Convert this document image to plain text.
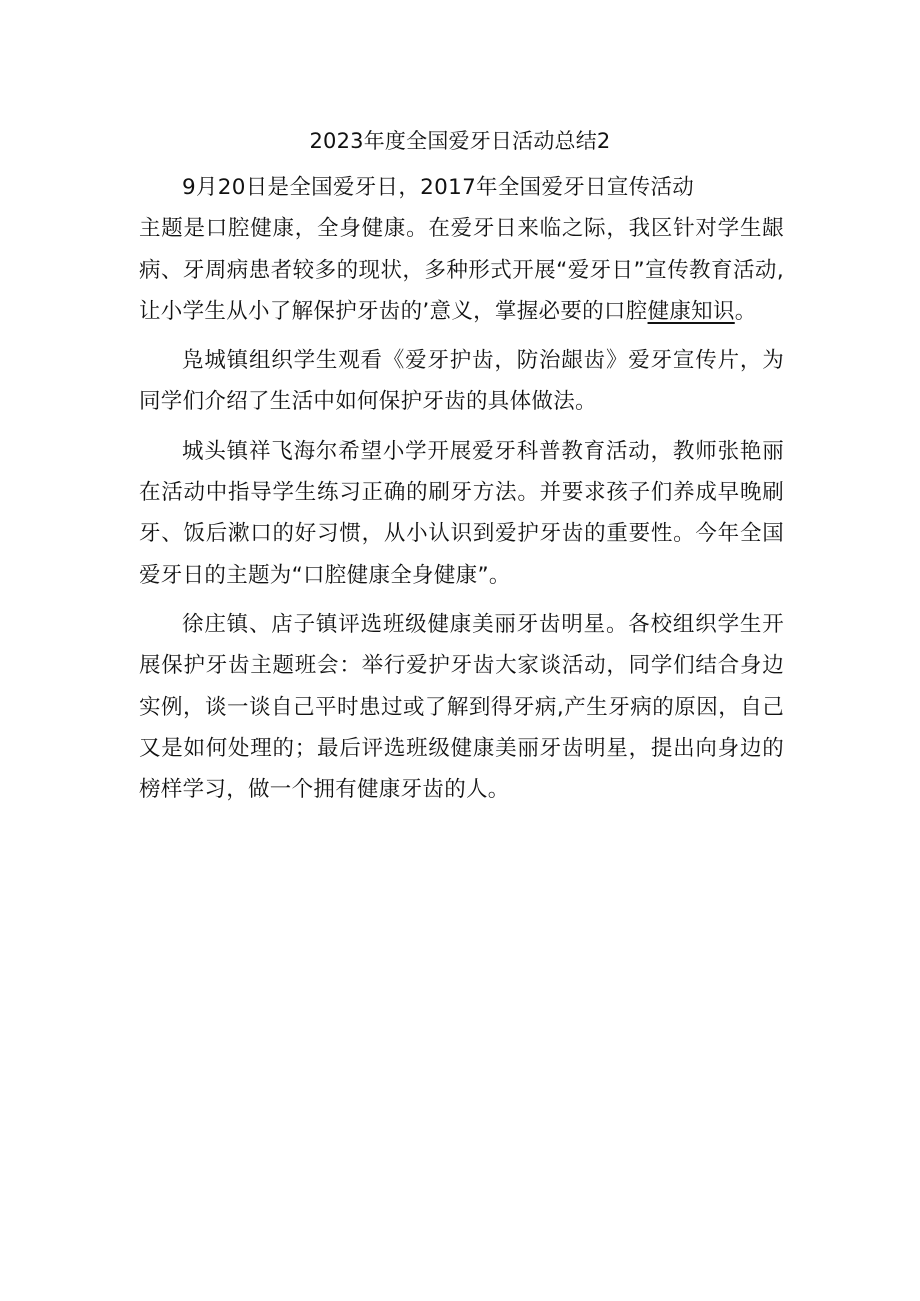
2023年度全国爱牙日活动总结2

9月20日是全国爱牙日，2017年全国爱牙日宣传活动
主题是口腔健康，全身健康。在爱牙日来临之际，我区针对学生龈病、牙周病患者较多的现状，多种形式开展“爱牙日”宣传教育活动,让小学生从小了解保护牙齿的’意义，掌握必要的口腔健康知识。

凫城镇组织学生观看《爱牙护齿，防治龈齿》爱牙宣传片，为同学们介绍了生活中如何保护牙齿的具体做法。

城头镇祥飞海尔希望小学开展爱牙科普教育活动，教师张艳丽在活动中指导学生练习正确的刷牙方法。并要求孩子们养成早晚刷牙、饭后漱口的好习惯，从小认识到爱护牙齿的重要性。今年全国爱牙日的主题为“口腔健康全身健康”。

徐庄镇、店子镇评选班级健康美丽牙齿明星。各校组织学生开展保护牙齿主题班会：举行爱护牙齿大家谈活动，同学们结合身边实例，谈一谈自己平时患过或了解到得牙病,产生牙病的原因，自己又是如何处理的；最后评选班级健康美丽牙齿明星，提出向身边的榜样学习，做一个拥有健康牙齿的人。
